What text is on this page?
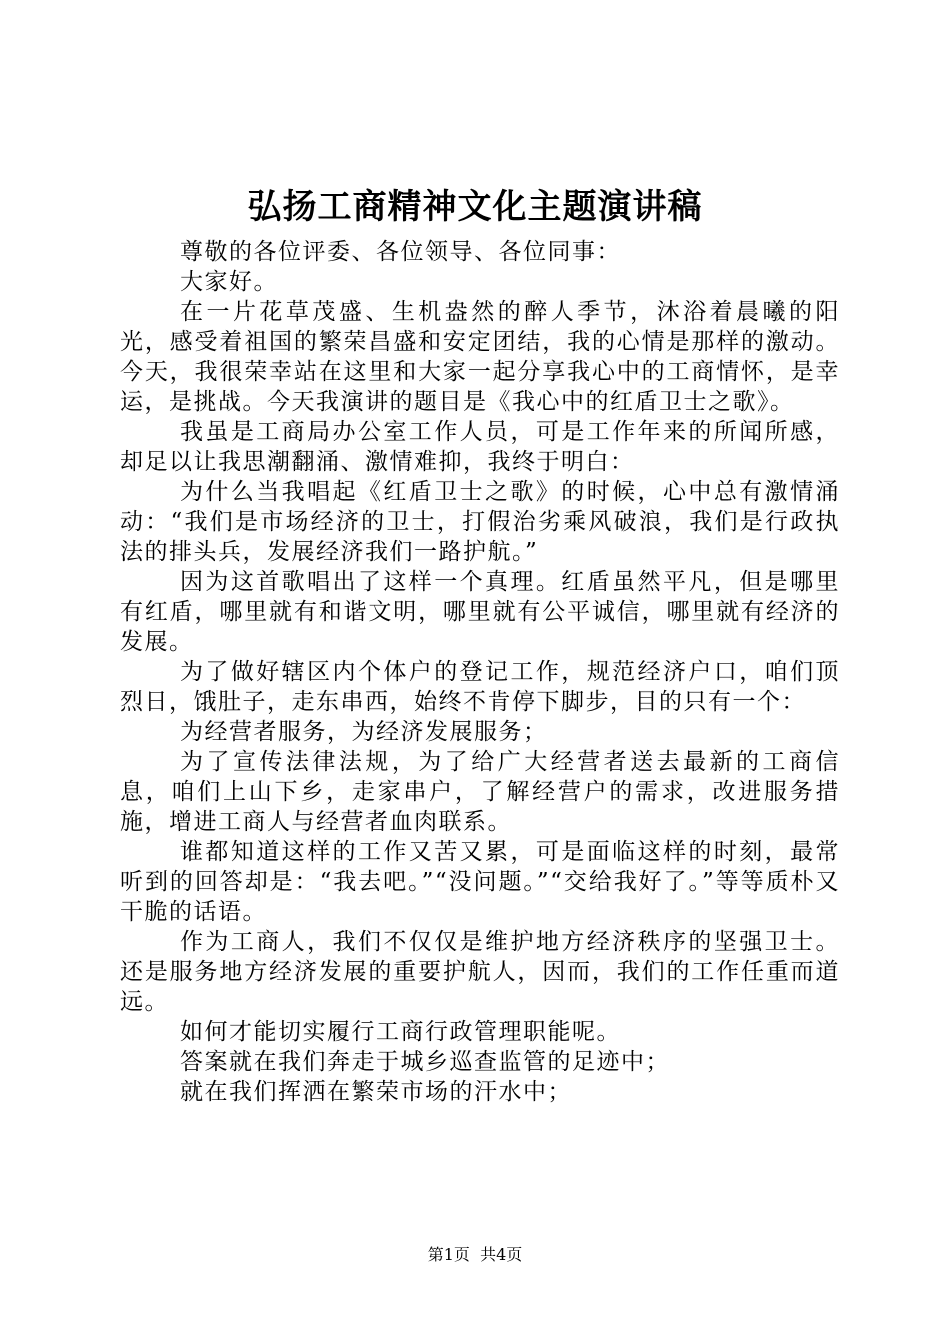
弘扬工商精神文化主题演讲稿

尊敬的各位评委、各位领导、各位同事：

大家好。

在一片花草茂盛、生机盎然的醉人季节，沐浴着晨曦的阳光，感受着祖国的繁荣昌盛和安定团结，我的心情是那样的激动。今天，我很荣幸站在这里和大家一起分享我心中的工商情怀，是幸运，是挑战。今天我演讲的题目是《我心中的红盾卫士之歌》。

我虽是工商局办公室工作人员，可是工作年来的所闻所感，却足以让我思潮翻涌、激情难抑，我终于明白：

为什么当我唱起《红盾卫士之歌》的时候，心中总有激情涌动：“我们是市场经济的卫士，打假治劣乘风破浪，我们是行政执法的排头兵，发展经济我们一路护航。”

因为这首歌唱出了这样一个真理。红盾虽然平凡，但是哪里有红盾，哪里就有和谐文明，哪里就有公平诚信，哪里就有经济的发展。

为了做好辖区内个体户的登记工作，规范经济户口，咱们顶烈日，饿肚子，走东串西，始终不肯停下脚步，目的只有一个：

为经营者服务，为经济发展服务；

为了宣传法律法规，为了给广大经营者送去最新的工商信息，咱们上山下乡，走家串户，了解经营户的需求，改进服务措施，增进工商人与经营者血肉联系。

谁都知道这样的工作又苦又累，可是面临这样的时刻，最常听到的回答却是：“我去吧。”“没问题。”“交给我好了。”等等质朴又干脆的话语。

作为工商人，我们不仅仅是维护地方经济秩序的坚强卫士。还是服务地方经济发展的重要护航人，因而，我们的工作任重而道远。

如何才能切实履行工商行政管理职能呢。

答案就在我们奔走于城乡巡查监管的足迹中；

就在我们挥洒在繁荣市场的汗水中；

第1页  共4页
